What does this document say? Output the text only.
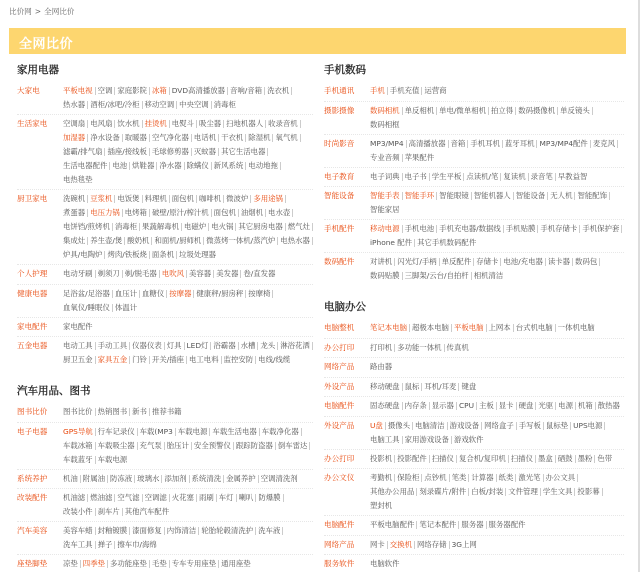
比价网 > 全网比价
全网比价
家用电器
大家电	平板电视 空调 家庭影院 冰箱 DVD高清播放器 音响/音箱 洗衣机
热水器 酒柜/冰吧/冷柜 移动空调 中央空调 消毒柜
生活家电	空调扇 电风扇 饮水机 挂烫机 电熨斗 吸尘器 扫地机器人 收录音机
加湿器 净水设备 取暖器 空气净化器 电话机 干衣机 除湿机 氧气机
滤霸/排气扇 插座/接线板 毛球修剪器 灭蚊器 其它生活电器
生活电器配件 电池 烘鞋器 净水器 除螨仪 新风系统 电动地拖
电热毯垫
厨卫家电	洗碗机 豆浆机 电饭煲 料理机 面包机 咖啡机 微波炉 多用途锅
煮蛋器 电压力锅 电烤箱 破壁/原汁/榨汁机 面包机 油烟机 电水壶
电饼铛/煎烤机 消毒柜 果蔬解毒机 电磁炉 电火锅 其它厨房电器 燃气灶
集成灶 养生壶/煲 酸奶机 和面机/厨师机 微蒸烤一体机/蒸汽炉 电热水器
炉具/电陶炉 烤肉/铁板烧 面条机 垃圾处理器
个人护理	电动牙刷 剃须刀 剃/脱毛器 电吹风 美容器 美发器 卷/直发器
健康电器	足浴盆/足浴器 血压计 血糖仪 按摩器 健康秤/厨房秤 按摩椅
血氧仪/睡眠仪 体温计
家电配件	家电配件
五金电器	电动工具 手动工具 仪器仪表 灯具 LED灯 浴霸器 水槽 龙头 淋浴花洒
厨卫五金 家具五金 门铃 开关/插座 电工电料 监控安防 电线/线缆
汽车用品、图书
图书比价	图书比价 热销图书 新书 推荐书籍
电子电器	GPS导航 行车记录仪 车载(MP3 车载电源 车载生活电器 车载净化器
车载冰箱 车载吸尘器 充气泵 胎压计 安全预警仪 跟踪防盗器 倒车雷达
车载蓝牙 车载电源
系统养护	机油 附属油 防冻液 玻璃水 添加剂 系统清洗 金属养护 空调清洗剂
改装配件	机油滤 燃油滤 空气滤 空调滤 火花塞 雨刷 车灯 喇叭 防爆膜
改装小件 刹车片 其他汽车配件
汽车美容	美容车蜡 封釉镀膜 漆面修复 内饰清洁 轮胎轮毂清洗护 洗车液
洗车工具 掸子 擦车巾/海绵
座垫脚垫	凉垫 四季垫 多功能座垫 毛垫 专车专用座垫 通用座垫
手机数码
手机通讯	手机 手机充值 运营商
摄影摄像	数码相机 单反相机 单电/微单相机 拍立得 数码摄像机 单反镜头
数码相框
时尚影音	MP3/MP4 高清播放器 音箱 手机耳机 蓝牙耳机 MP3/MP4配件 麦克风
专业音频 苹果配件
电子教育	电子词典 电子书 学生平板 点读机/笔 复读机 录音笔 早教益智
智能设备	智能手表 智能手环 智能眼镜 智能机器人 智能设备 无人机 智能配饰
智能家居
手机配件	移动电源 手机电池 手机充电器/数据线 手机贴膜 手机存储卡 手机保护套
iPhone 配件 其它手机数码配件
数码配件	对讲机 闪光灯/手柄 单反配件 存储卡 电池/充电器 读卡器 数码包
数码贴膜 三脚架/云台/自拍杆 相机清洁
电脑办公
电脑整机	笔记本电脑 超极本电脑 平板电脑 上网本 台式机电脑 一体机电脑
办公打印	打印机 多功能一体机 传真机
网络产品	路由器
外设产品	移动硬盘 鼠标 耳机/耳麦 键盘
电脑配件	固态硬盘 内存条 显示器 CPU 主板 显卡 硬盘 光驱 电源 机箱 散热器
外设产品	U盘 摄像头 电脑清洁 游戏设备 网络盒子 手写板 鼠标垫 UPS电源
电脑工具 家用游戏设备 游戏软件
办公打印	投影机 投影配件 扫描仪 复合机/复印机 扫描仪 墨盒 硒鼓 墨粉 色带
办公文仪	考勤机 保险柜 点钞机 笔类 计算器 纸类 激光笔 办公文具
其他办公用品 刻录碟片/附件 白板/封装 文件管理 学生文具 投影幕
塑封机
电脑配件	平板电脑配件 笔记本配件 服务器 服务器配件
网络产品	网卡 交换机 网络存储 3G上网
服务软件	电脑软件
